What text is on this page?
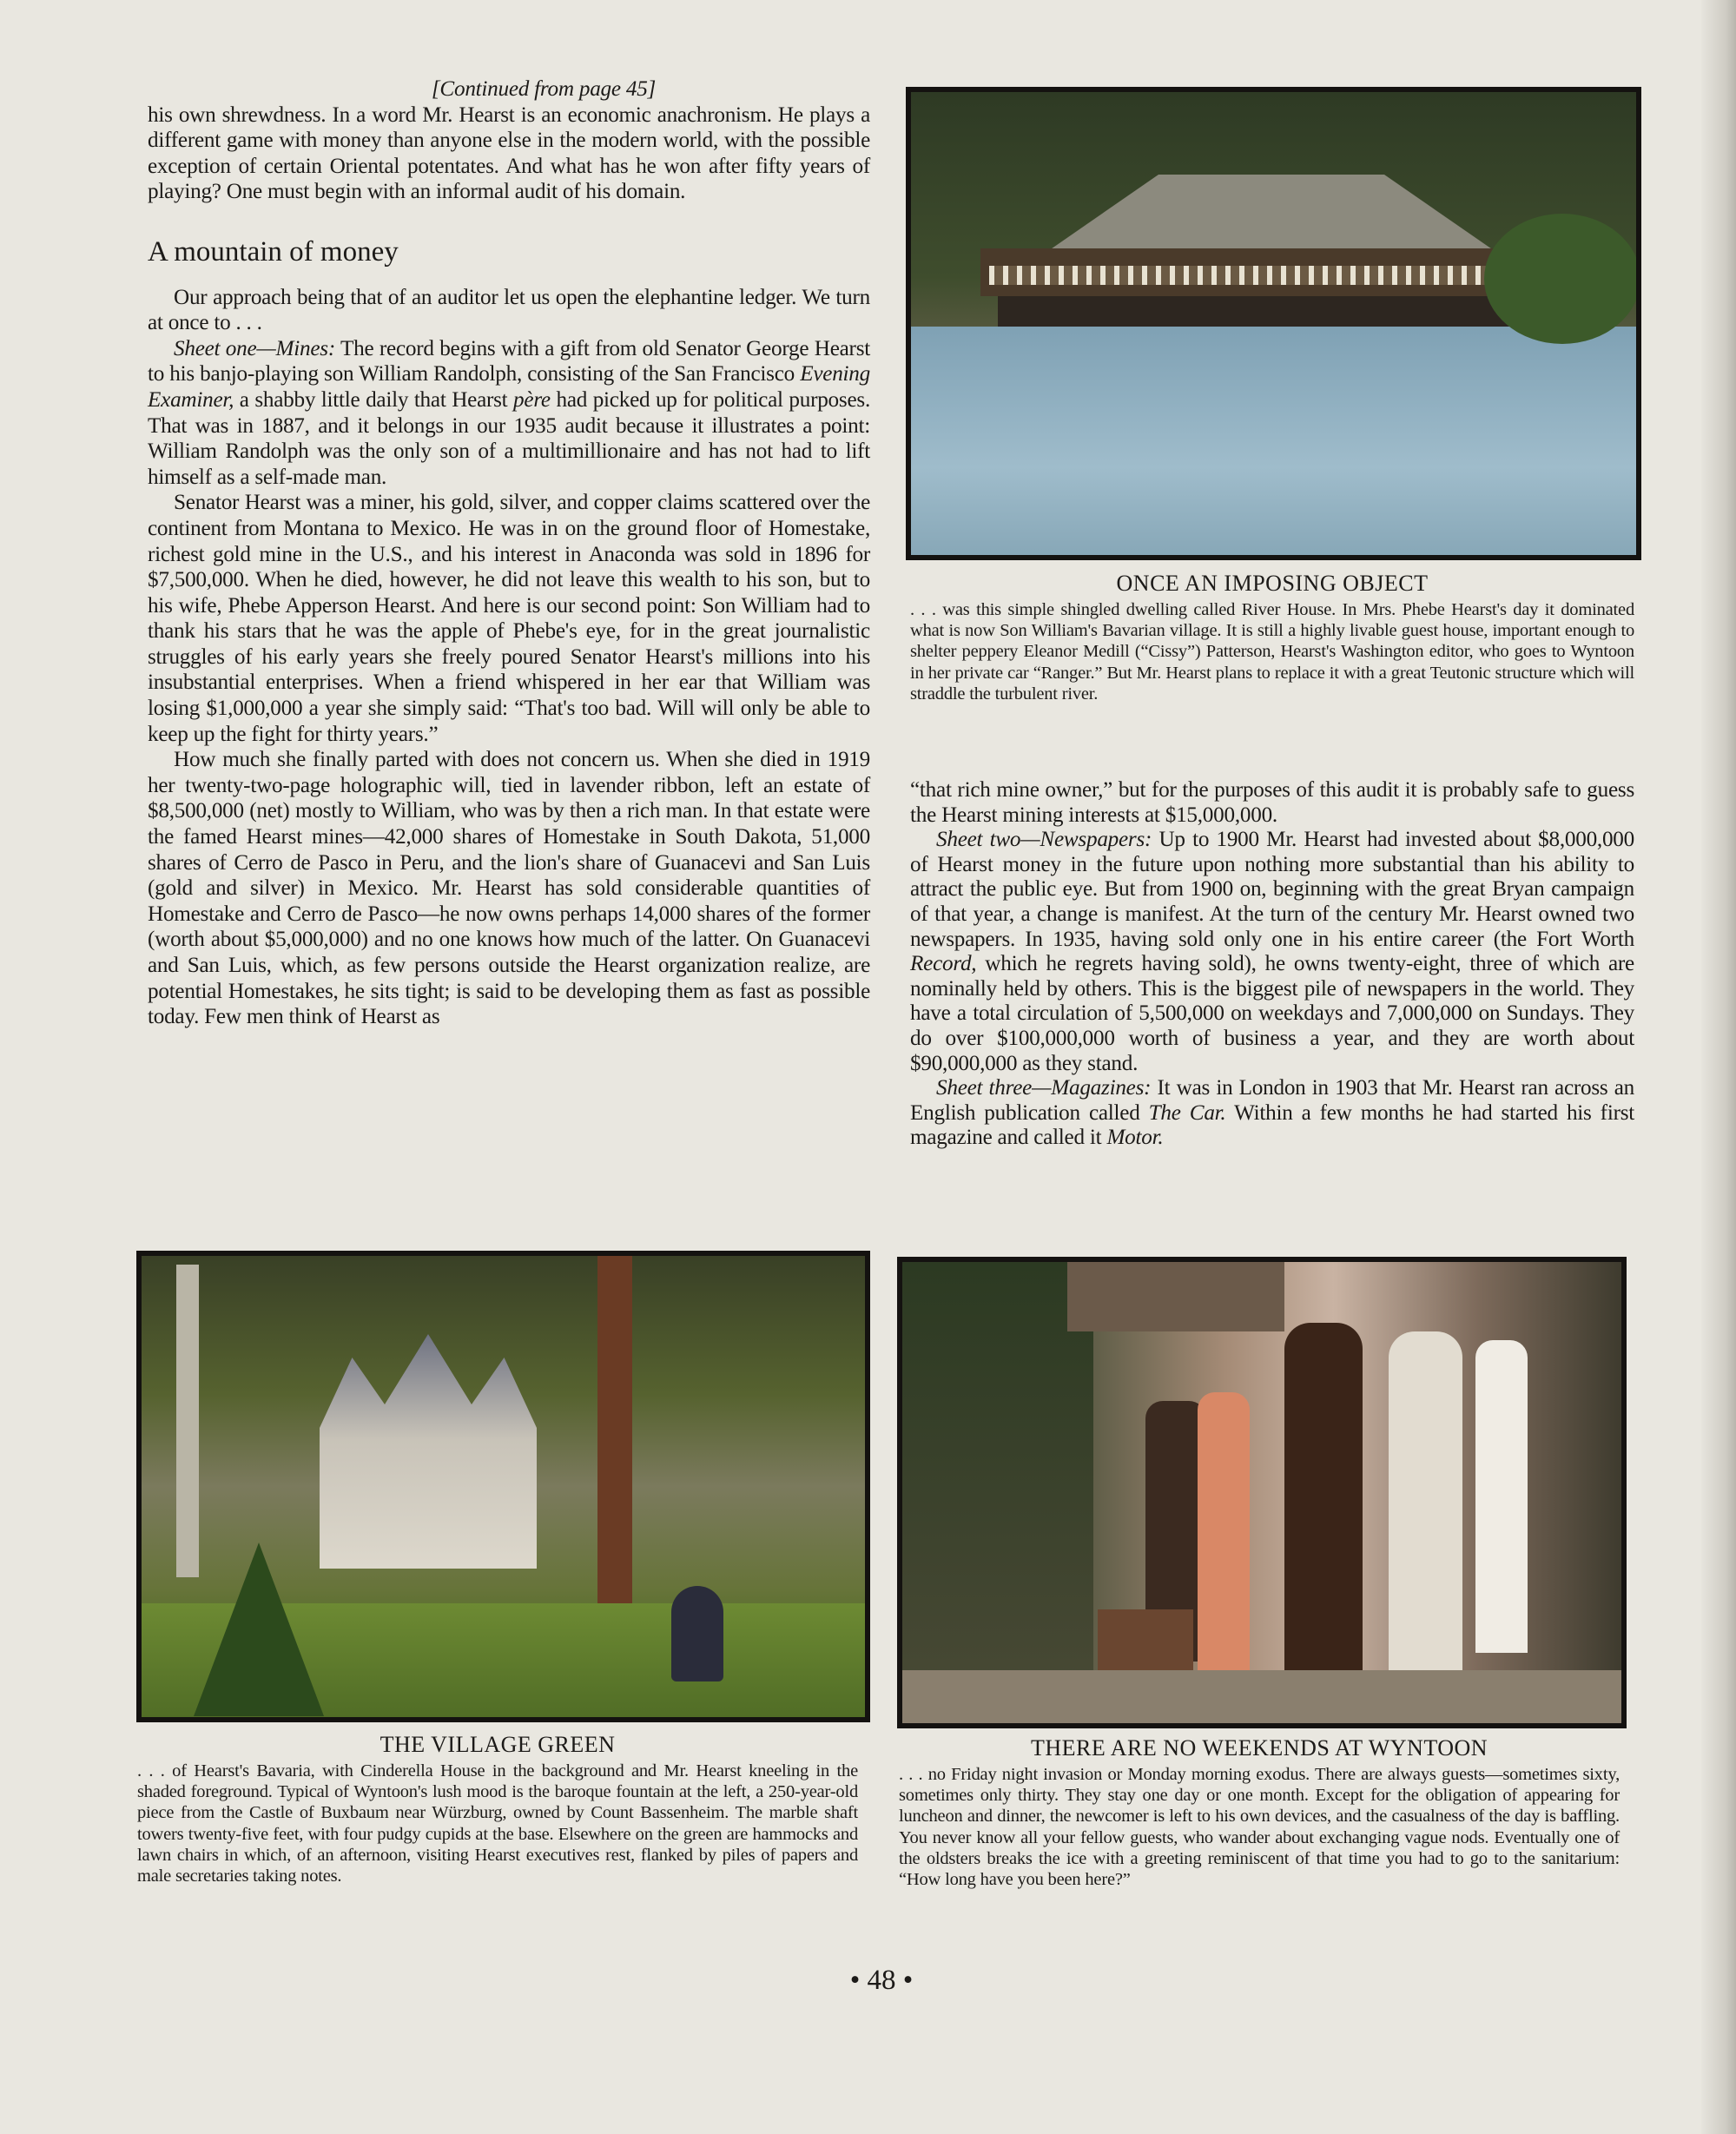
[Continued from page 45]

his own shrewdness. In a word Mr. Hearst is an economic anachronism. He plays a different game with money than anyone else in the modern world, with the possible exception of certain Oriental potentates. And what has he won after fifty years of playing? One must begin with an informal audit of his domain.

A mountain of money

Our approach being that of an auditor let us open the elephantine ledger. We turn at once to . . .

Sheet one—Mines: The record begins with a gift from old Senator George Hearst to his banjo-playing son William Randolph, consisting of the San Francisco Evening Examiner, a shabby little daily that Hearst père had picked up for political purposes. That was in 1887, and it belongs in our 1935 audit because it illustrates a point: William Randolph was the only son of a multimillionaire and has not had to lift himself as a self-made man.

Senator Hearst was a miner, his gold, silver, and copper claims scattered over the continent from Montana to Mexico. He was in on the ground floor of Homestake, richest gold mine in the U.S., and his interest in Anaconda was sold in 1896 for $7,500,000. When he died, however, he did not leave this wealth to his son, but to his wife, Phebe Apperson Hearst. And here is our second point: Son William had to thank his stars that he was the apple of Phebe's eye, for in the great journalistic struggles of his early years she freely poured Senator Hearst's millions into his insubstantial enterprises. When a friend whispered in her ear that William was losing $1,000,000 a year she simply said: “That's too bad. Will will only be able to keep up the fight for thirty years.”

How much she finally parted with does not concern us. When she died in 1919 her twenty-two-page holographic will, tied in lavender ribbon, left an estate of $8,500,000 (net) mostly to William, who was by then a rich man. In that estate were the famed Hearst mines—42,000 shares of Homestake in South Dakota, 51,000 shares of Cerro de Pasco in Peru, and the lion's share of Guanacevi and San Luis (gold and silver) in Mexico. Mr. Hearst has sold considerable quantities of Homestake and Cerro de Pasco—he now owns perhaps 14,000 shares of the former (worth about $5,000,000) and no one knows how much of the latter. On Guanacevi and San Luis, which, as few persons outside the Hearst organization realize, are potential Homestakes, he sits tight; is said to be developing them as fast as possible today. Few men think of Hearst as

“that rich mine owner,” but for the purposes of this audit it is probably safe to guess the Hearst mining interests at $15,000,000.

Sheet two—Newspapers: Up to 1900 Mr. Hearst had invested about $8,000,000 of Hearst money in the future upon nothing more substantial than his ability to attract the public eye. But from 1900 on, beginning with the great Bryan campaign of that year, a change is manifest. At the turn of the century Mr. Hearst owned two newspapers. In 1935, having sold only one in his entire career (the Fort Worth Record, which he regrets having sold), he owns twenty-eight, three of which are nominally held by others. This is the biggest pile of newspapers in the world. They have a total circulation of 5,500,000 on weekdays and 7,000,000 on Sundays. They do over $100,000,000 worth of business a year, and they are worth about $90,000,000 as they stand.

Sheet three—Magazines: It was in London in 1903 that Mr. Hearst ran across an English publication called The Car. Within a few months he had started his first magazine and called it Motor.

ONCE AN IMPOSING OBJECT
. . . was this simple shingled dwelling called River House. In Mrs. Phebe Hearst's day it dominated what is now Son William's Bavarian village. It is still a highly livable guest house, important enough to shelter peppery Eleanor Medill (“Cissy”) Patterson, Hearst's Washington editor, who goes to Wyntoon in her private car “Ranger.” But Mr. Hearst plans to replace it with a great Teutonic structure which will straddle the turbulent river.
THE VILLAGE GREEN
. . . of Hearst's Bavaria, with Cinderella House in the background and Mr. Hearst kneeling in the shaded foreground. Typical of Wyntoon's lush mood is the baroque fountain at the left, a 250-year-old piece from the Castle of Buxbaum near Würzburg, owned by Count Bassenheim. The marble shaft towers twenty-five feet, with four pudgy cupids at the base. Elsewhere on the green are hammocks and lawn chairs in which, of an afternoon, visiting Hearst executives rest, flanked by piles of papers and male secretaries taking notes.
THERE ARE NO WEEKENDS AT WYNTOON
. . . no Friday night invasion or Monday morning exodus. There are always guests—sometimes sixty, sometimes only thirty. They stay one day or one month. Except for the obligation of appearing for luncheon and dinner, the newcomer is left to his own devices, and the casualness of the day is baffling. You never know all your fellow guests, who wander about exchanging vague nods. Eventually one of the oldsters breaks the ice with a greeting reminiscent of that time you had to go to the sanitarium: “How long have you been here?”
• 48 •
